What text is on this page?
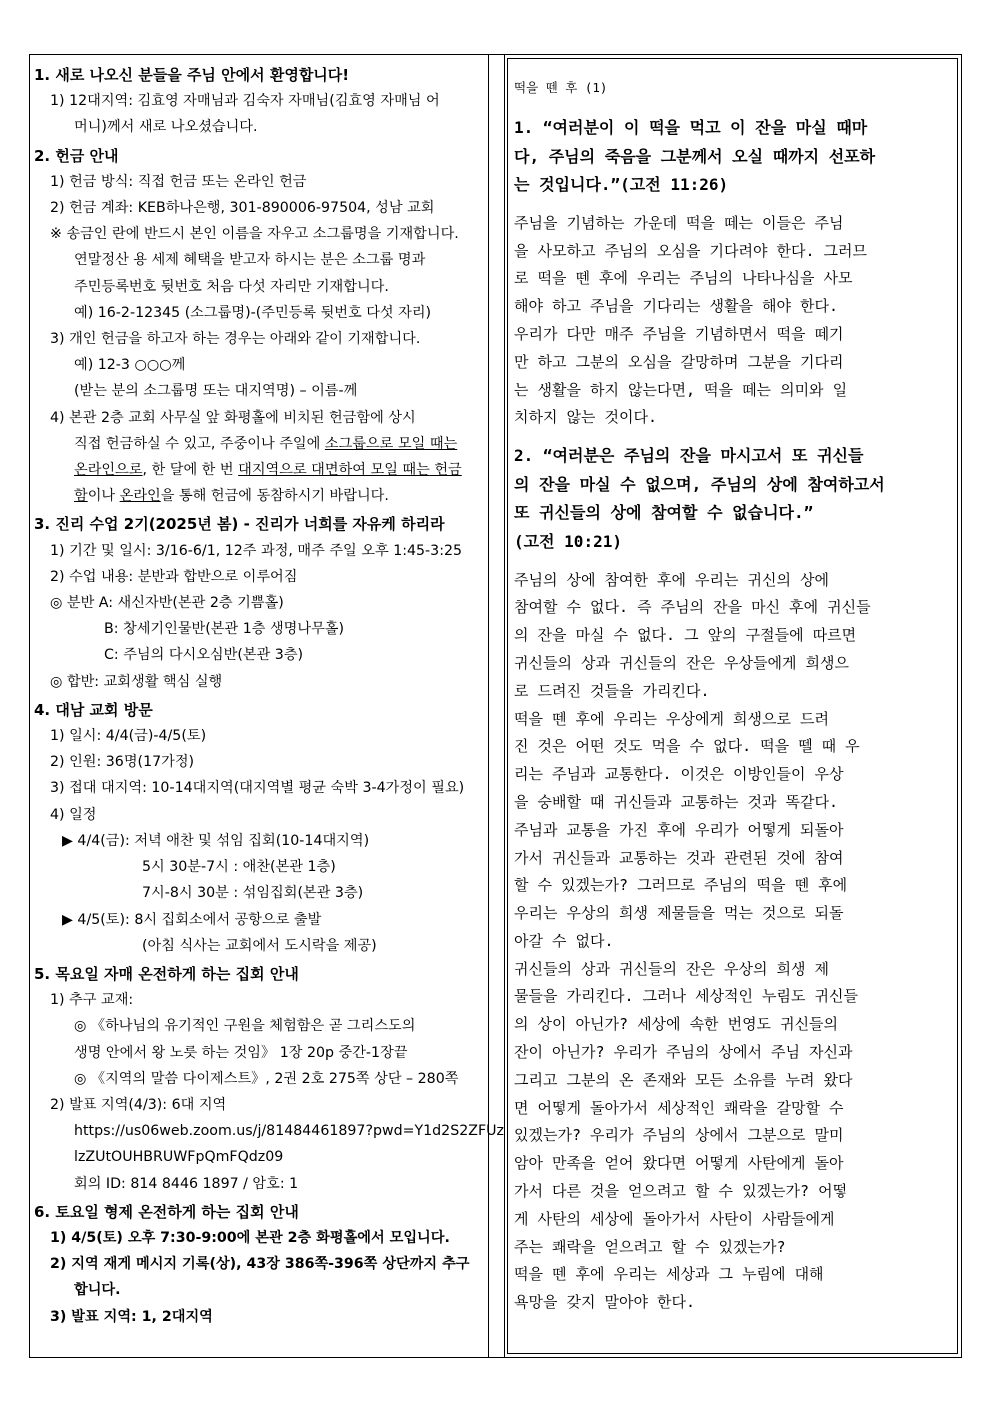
1. 새로 나오신 분들을 주님 안에서 환영합니다!

1) 12대지역: 김효영 자매님과 김숙자 자매님(김효영 자매님 어

머니)께서 새로 나오셨습니다.

2. 헌금 안내

1) 헌금 방식: 직접 헌금 또는 온라인 헌금

2) 헌금 계좌: KEB하나은행, 301-890006-97504, 성남 교회

※ 송금인 란에 반드시 본인 이름을 자우고 소그룹명을 기재합니다.

연말정산 용 세제 혜택을 받고자 하시는 분은 소그룹 명과

주민등록번호 뒷번호 처음 다섯 자리만 기재합니다.

예) 16-2-12345 (소그룹명)-(주민등록 뒷번호 다섯 자리)

3) 개인 헌금을 하고자 하는 경우는 아래와 같이 기재합니다.

예) 12-3 ○○○께

(받는 분의 소그룹명 또는 대지역명) – 이름-께

4) 본관 2층 교회 사무실 앞 화평홀에 비치된 헌금함에 상시

직접 헌금하실 수 있고, 주중이나 주일에 소그룹으로 모일 때는

온라인으로, 한 달에 한 번 대지역으로 대면하여 모일 때는 헌금

함이나 온라인을 통해 헌금에 동참하시기 바랍니다.

3. 진리 수업 2기(2025년 봄) - 진리가 너희를 자유케 하리라

1) 기간 및 일시: 3/16-6/1, 12주 과정, 매주 주일 오후 1:45-3:25

2) 수업 내용: 분반과 합반으로 이루어짐

◎ 분반 A: 새신자반(본관 2층 기쁨홀)

B: 창세기인물반(본관 1층 생명나무홀)

C: 주님의 다시오심반(본관 3층)

◎ 합반: 교회생활 핵심 실행

4. 대남 교회 방문

1) 일시: 4/4(금)-4/5(토)

2) 인원: 36명(17가정)

3) 접대 대지역: 10-14대지역(대지역별 평균 숙박 3-4가정이 필요)

4) 일정

▶ 4/4(금): 저녁 애찬 및 섞임 집회(10-14대지역)

5시 30분-7시 : 애찬(본관 1층)

7시-8시 30분 : 섞임집회(본관 3층)

▶ 4/5(토): 8시 집회소에서 공항으로 출발

(아침 식사는 교회에서 도시락을 제공)

5. 목요일 자매 온전하게 하는 집회 안내

1) 추구 교재:

◎ 《하나님의 유기적인 구원을 체험함은 곧 그리스도의

생명 안에서 왕 노릇 하는 것임》 1장 20p 중간-1장끝

◎ 《지역의 말씀 다이제스트》, 2권 2호 275쪽 상단 – 280쪽

2) 발표 지역(4/3): 6대 지역

https://us06web.zoom.us/j/81484461897?pwd=Y1d2S2ZFUz

lzZUtOUHBRUWFpQmFQdz09

회의 ID: 814 8446 1897 / 암호: 1

6. 토요일 형제 온전하게 하는 집회 안내

1) 4/5(토) 오후 7:30-9:00에 본관 2층 화평홀에서 모입니다.

2) 지역 재게 메시지 기록(상), 43장 386쪽-396쪽 상단까지 추구

합니다.

3) 발표 지역: 1, 2대지역

떡을 뗀 후 (1)

1. “여러분이 이 떡을 먹고 이 잔을 마실 때마

다, 주님의 죽음을 그분께서 오실 때까지 선포하

는 것입니다.”(고전 11:26)

주님을 기념하는 가운데 떡을 떼는 이들은 주님

을 사모하고 주님의 오심을 기다려야 한다. 그러므

로 떡을 뗀 후에 우리는 주님의 나타나심을 사모

해야 하고 주님을 기다리는 생활을 해야 한다.

우리가 다만 매주 주님을 기념하면서 떡을 떼기

만 하고 그분의 오심을 갈망하며 그분을 기다리

는 생활을 하지 않는다면, 떡을 떼는 의미와 일

치하지 않는 것이다.

2. “여러분은 주님의 잔을 마시고서 또 귀신들

의 잔을 마실 수 없으며, 주님의 상에 참여하고서

또 귀신들의 상에 참여할 수 없습니다.”

(고전 10:21)

주님의 상에 참여한 후에 우리는 귀신의 상에

참여할 수 없다. 즉 주님의 잔을 마신 후에 귀신들

의 잔을 마실 수 없다. 그 앞의 구절들에 따르면

귀신들의 상과 귀신들의 잔은 우상들에게 희생으

로 드려진 것들을 가리킨다.

떡을 뗀 후에 우리는 우상에게 희생으로 드려

진 것은 어떤 것도 먹을 수 없다. 떡을 뗄 때 우

리는 주님과 교통한다. 이것은 이방인들이 우상

을 숭배할 때 귀신들과 교통하는 것과 똑같다.

주님과 교통을 가진 후에 우리가 어떻게 되돌아

가서 귀신들과 교통하는 것과 관련된 것에 참여

할 수 있겠는가? 그러므로 주님의 떡을 뗀 후에

우리는 우상의 희생 제물들을 먹는 것으로 되돌

아갈 수 없다.

귀신들의 상과 귀신들의 잔은 우상의 희생 제

물들을 가리킨다. 그러나 세상적인 누림도 귀신들

의 상이 아닌가? 세상에 속한 번영도 귀신들의

잔이 아닌가? 우리가 주님의 상에서 주님 자신과

그리고 그분의 온 존재와 모든 소유를 누려 왔다

면 어떻게 돌아가서 세상적인 쾌락을 갈망할 수

있겠는가? 우리가 주님의 상에서 그분으로 말미

암아 만족을 얻어 왔다면 어떻게 사탄에게 돌아

가서 다른 것을 얻으려고 할 수 있겠는가? 어떻

게 사탄의 세상에 돌아가서 사탄이 사람들에게

주는 쾌락을 얻으려고 할 수 있겠는가?

떡을 뗀 후에 우리는 세상과 그 누림에 대해

욕망을 갖지 말아야 한다.
